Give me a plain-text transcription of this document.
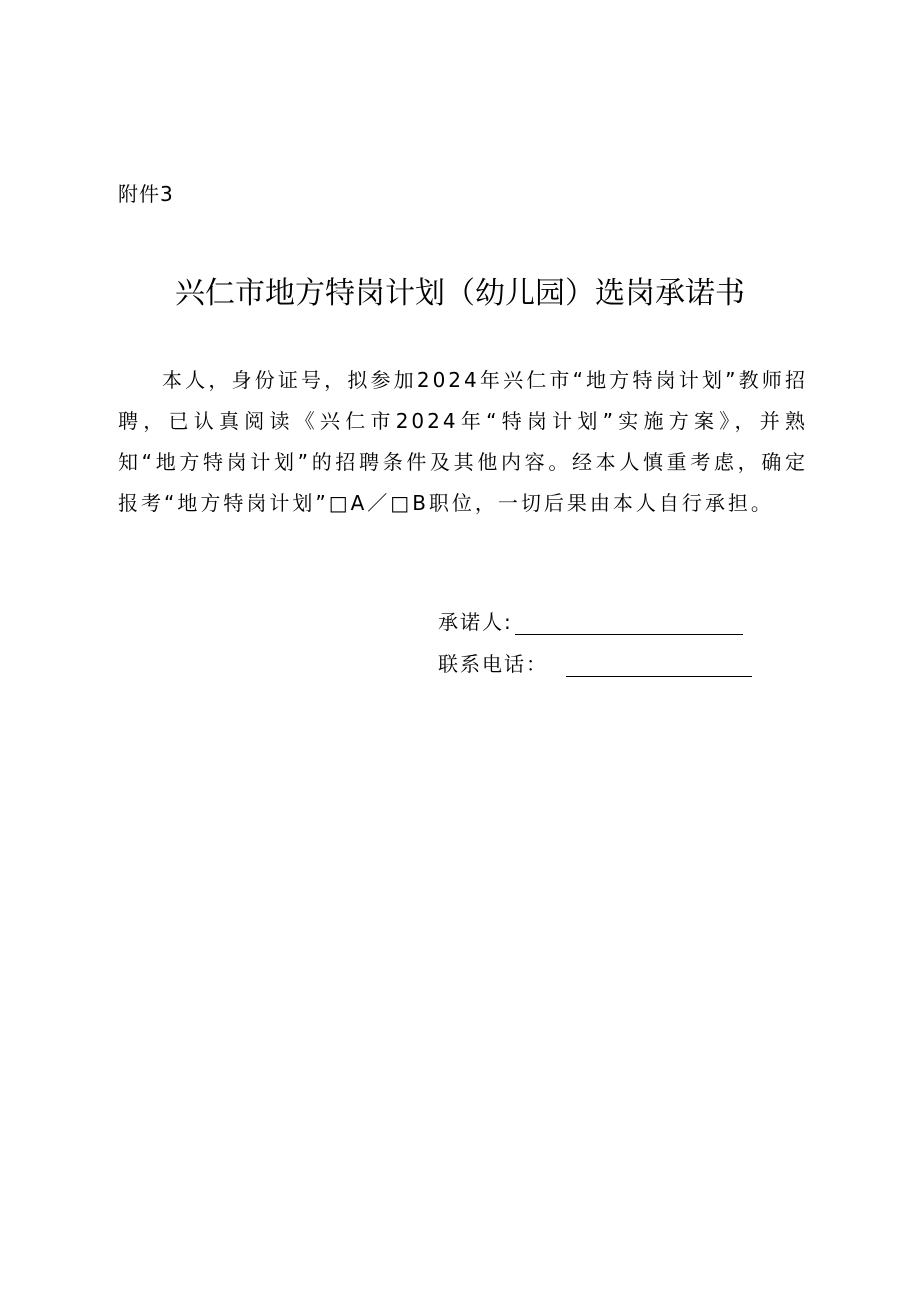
附件3
兴仁市地方特岗计划（幼儿园）选岗承诺书

本人，身份证号，拟参加2024年兴仁市“地方特岗计划”教师招聘，已认真阅读《兴仁市2024年“特岗计划”实施方案》，并熟知“地方特岗计划”的招聘条件及其他内容。经本人慎重考虑，确定报考“地方特岗计划”□A／□B职位，一切后果由本人自行承担。

承诺人:
联系电话：
